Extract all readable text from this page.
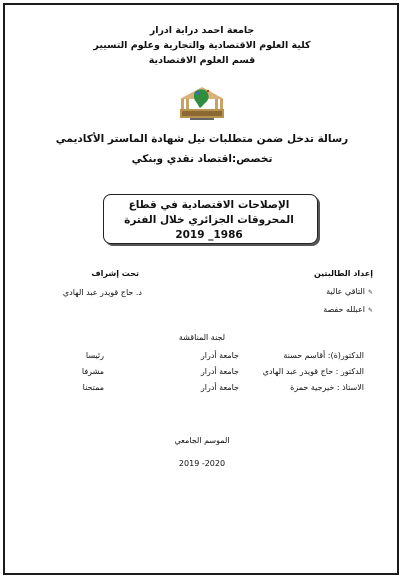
جامعة احمد دراية ادرار
كلية العلوم الاقتصادية والتجارية وعلوم التسيير
قسم العلوم الاقتصادية
رسالة تدخل ضمن متطلبات نيل شهادة الماستر الأكاديمي
تخصص:اقتصاد نقدي وبنكي
الإصلاحات الاقتصادية في قطاع المحروقات الجزائري خلال الفترة 1986_ 2019
إعداد الطالبتين
✎التاقي عالية
✎اعبلله حفصة
تحت إشراف
د. حاج قويدر عبد الهادي
لجنة المناقشة
الدكتور(ة): أقاسم حسنة
جامعة أدرار
رئيسا
الدكتور : حاج قويدر عبد الهادي
جامعة أدرار
مشرفا
الاستاذ : خيرجية حمزة
جامعة أدرار
ممتحنا
الموسم الجامعي
2019 -2020
